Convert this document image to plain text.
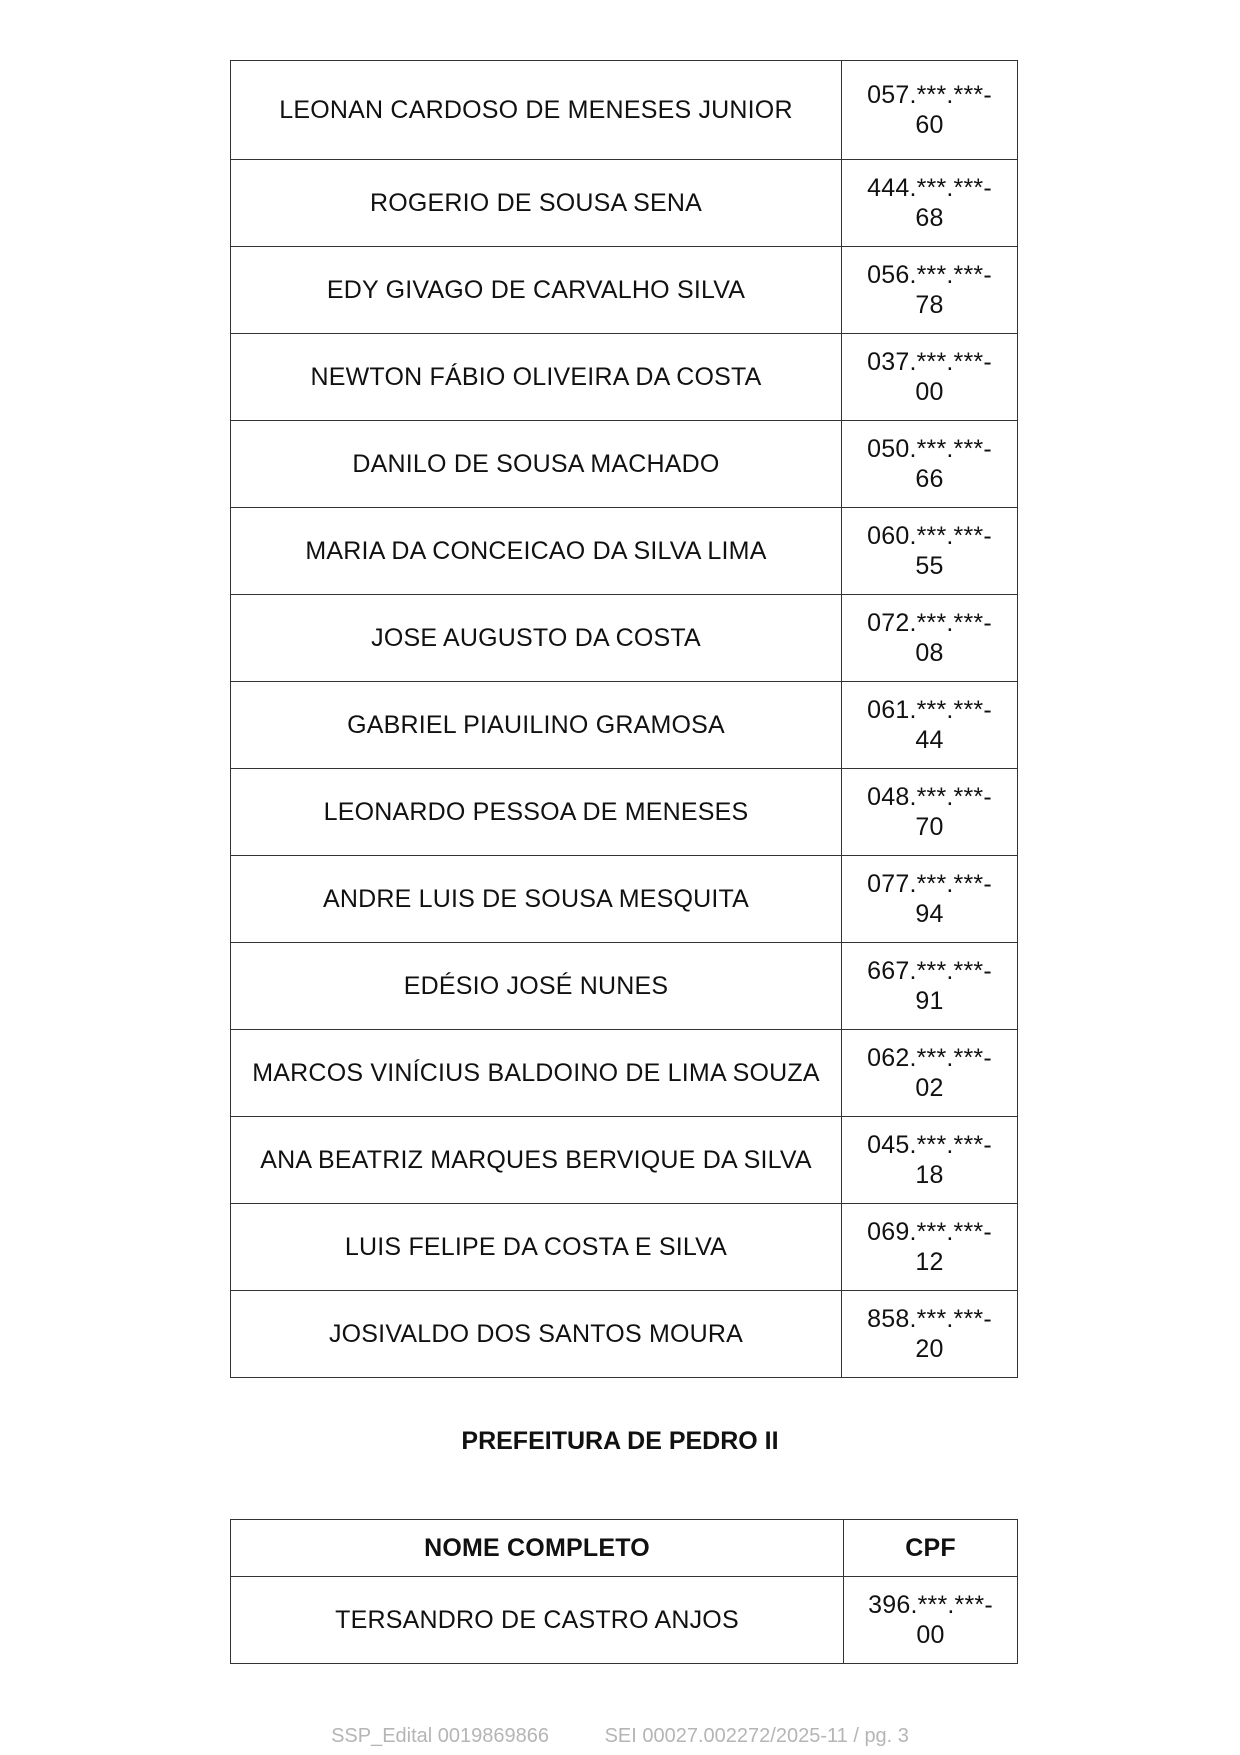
LEONAN CARDOSO DE MENESES JUNIOR	057.***.***-60
ROGERIO DE SOUSA SENA	444.***.***-68
EDY GIVAGO DE CARVALHO SILVA	056.***.***-78
NEWTON FÁBIO OLIVEIRA DA COSTA	037.***.***-00
DANILO DE SOUSA MACHADO	050.***.***-66
MARIA DA CONCEICAO DA SILVA LIMA	060.***.***-55
JOSE AUGUSTO DA COSTA	072.***.***-08
GABRIEL PIAUILINO GRAMOSA	061.***.***-44
LEONARDO PESSOA DE MENESES	048.***.***-70
ANDRE LUIS DE SOUSA MESQUITA	077.***.***-94
EDÉSIO JOSÉ NUNES	667.***.***-91
MARCOS VINÍCIUS BALDOINO DE LIMA SOUZA	062.***.***-02
ANA BEATRIZ MARQUES BERVIQUE DA SILVA	045.***.***-18
LUIS FELIPE DA COSTA E SILVA	069.***.***-12
JOSIVALDO DOS SANTOS MOURA	858.***.***-20
PREFEITURA DE PEDRO II
NOME COMPLETO	CPF
TERSANDRO DE CASTRO ANJOS	396.***.***-00
SSP_Edital 0019869866	SEI 00027.002272/2025-11 / pg. 3
